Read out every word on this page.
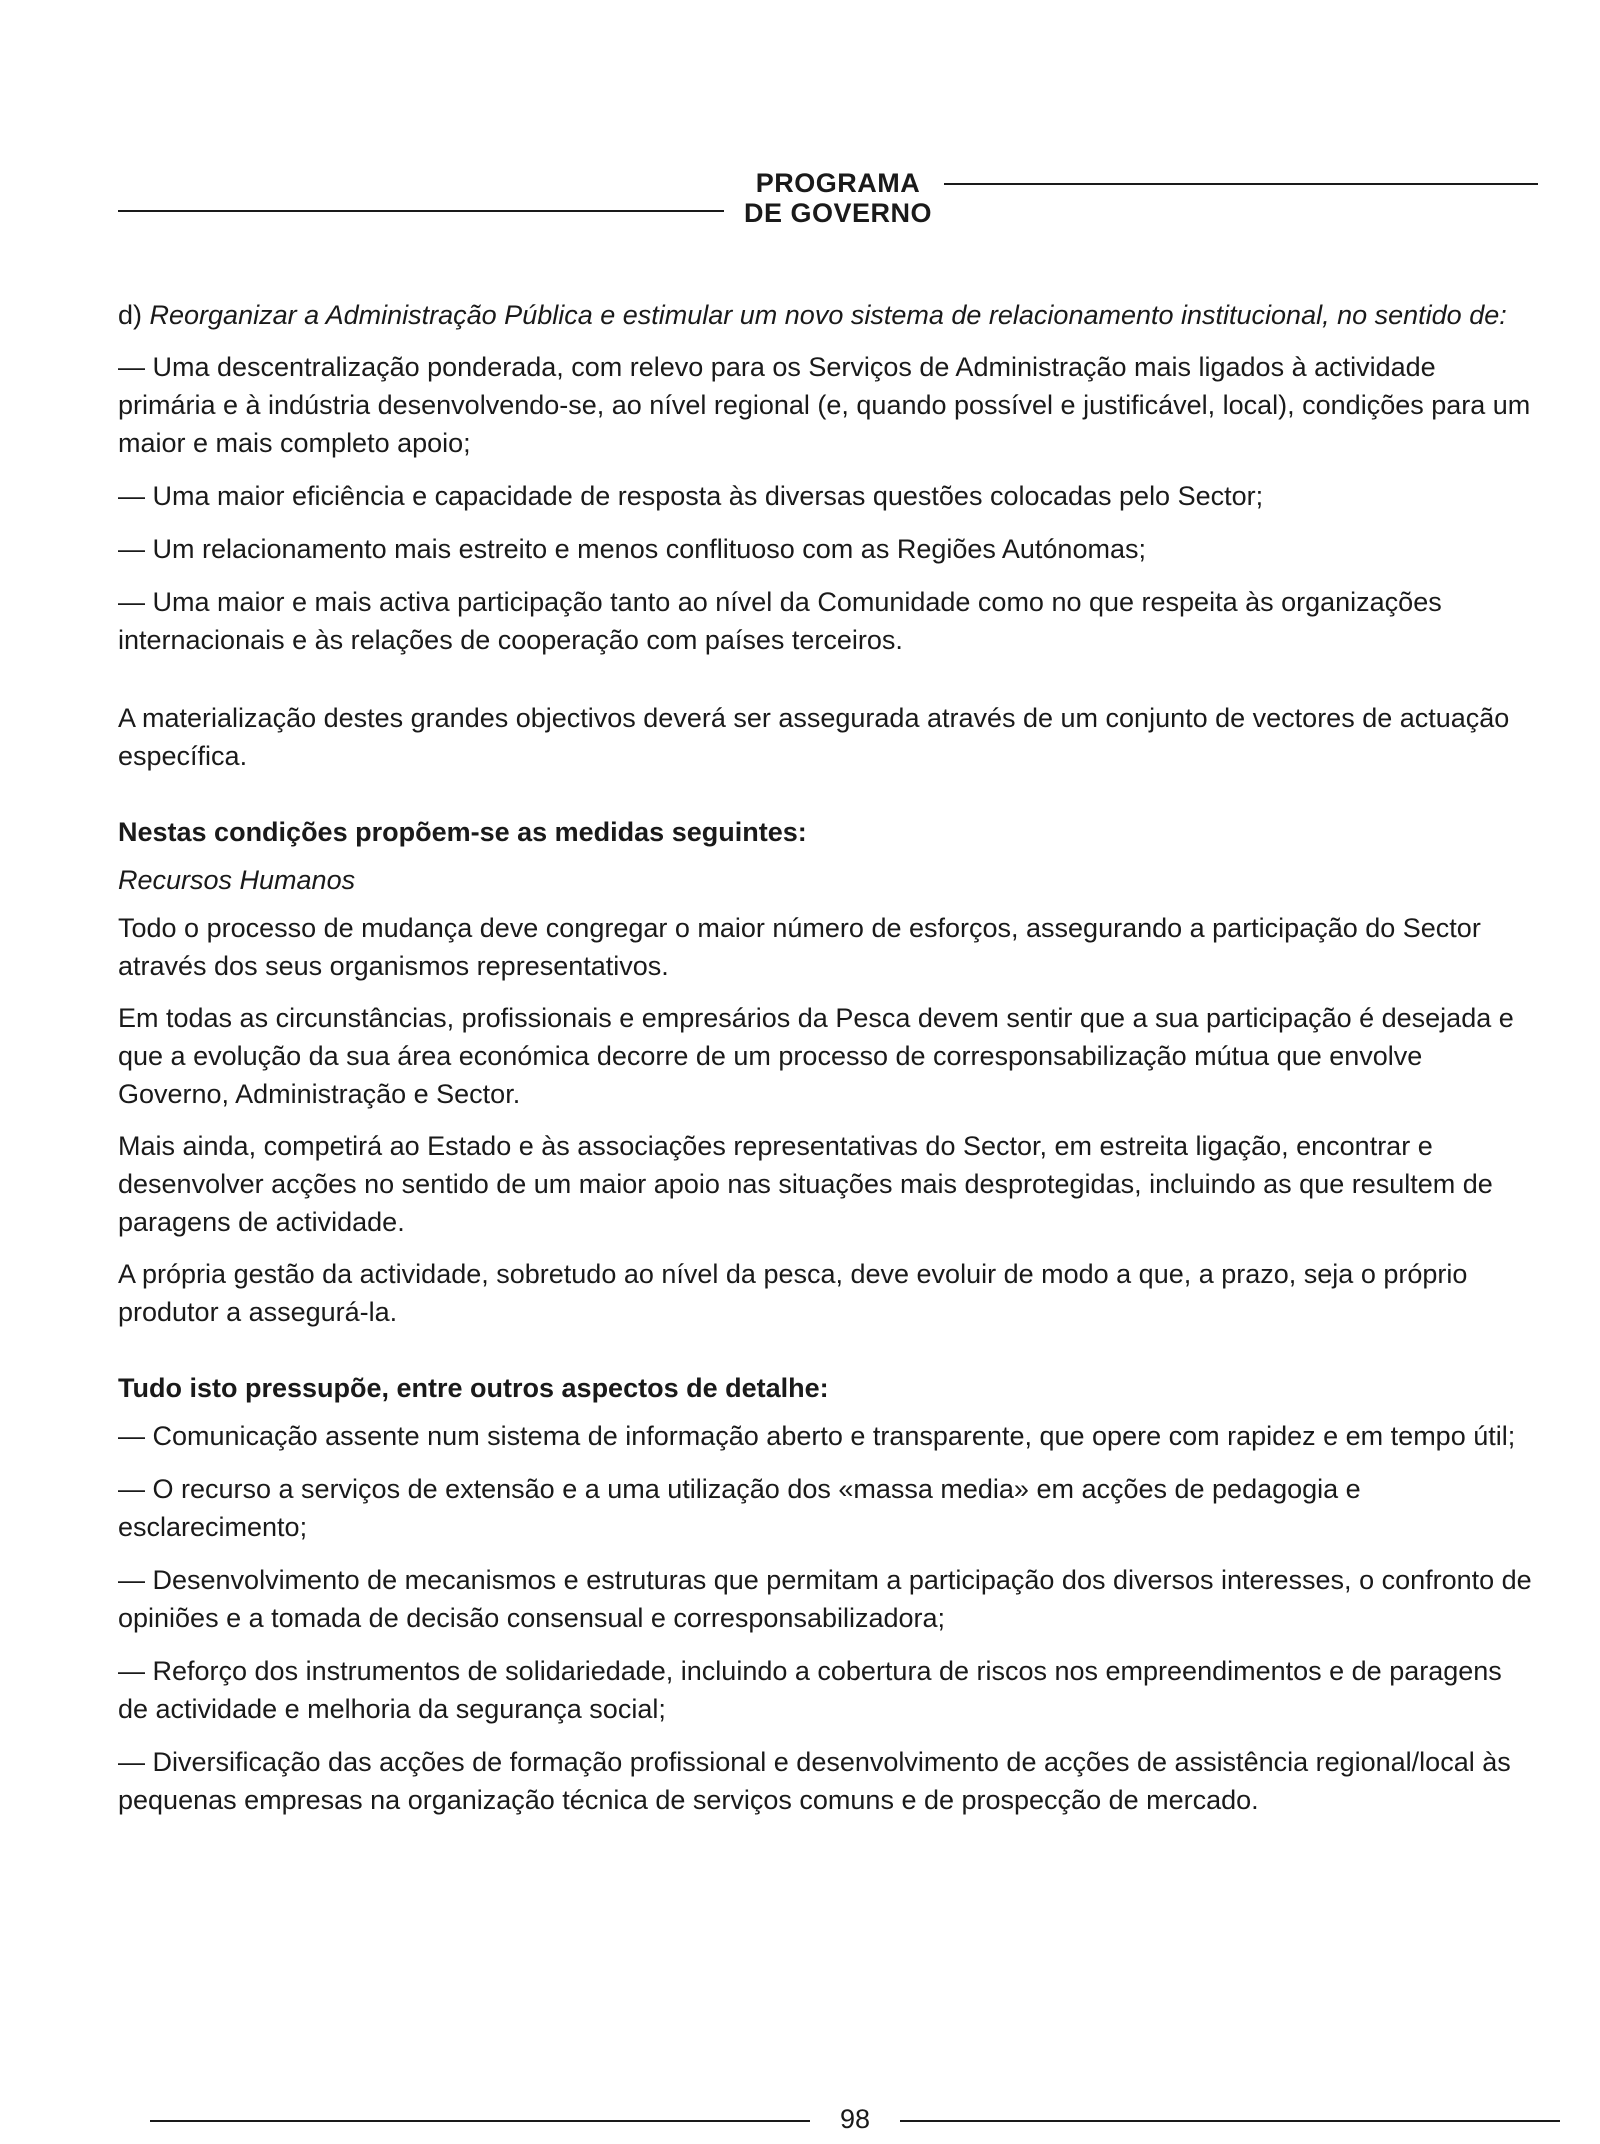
PROGRAMA
DE GOVERNO

d) Reorganizar a Administração Pública e estimular um novo sistema de relacionamento institucional, no sentido de:

— Uma descentralização ponderada, com relevo para os Serviços de Administração mais ligados à actividade primária e à indústria desenvolvendo-se, ao nível regional (e, quando possível e justificável, local), condições para um maior e mais completo apoio;

— Uma maior eficiência e capacidade de resposta às diversas questões colocadas pelo Sector;

— Um relacionamento mais estreito e menos conflituoso com as Regiões Autónomas;

— Uma maior e mais activa participação tanto ao nível da Comunidade como no que respeita às organizações internacionais e às relações de cooperação com países terceiros.

A materialização destes grandes objectivos deverá ser assegurada através de um conjunto de vectores de actuação específica.

Nestas condições propõem-se as medidas seguintes:

Recursos Humanos

Todo o processo de mudança deve congregar o maior número de esforços, assegurando a participação do Sector através dos seus organismos representativos.

Em todas as circunstâncias, profissionais e empresários da Pesca devem sentir que a sua participação é desejada e que a evolução da sua área económica decorre de um processo de corresponsabilização mútua que envolve Governo, Administração e Sector.

Mais ainda, competirá ao Estado e às associações representativas do Sector, em estreita ligação, encontrar e desenvolver acções no sentido de um maior apoio nas situações mais desprotegidas, incluindo as que resultem de paragens de actividade.

A própria gestão da actividade, sobretudo ao nível da pesca, deve evoluir de modo a que, a prazo, seja o próprio produtor a assegurá-la.

Tudo isto pressupõe, entre outros aspectos de detalhe:

— Comunicação assente num sistema de informação aberto e transparente, que opere com rapidez e em tempo útil;

— O recurso a serviços de extensão e a uma utilização dos «massa media» em acções de pedagogia e esclarecimento;

— Desenvolvimento de mecanismos e estruturas que permitam a participação dos diversos interesses, o confronto de opiniões e a tomada de decisão consensual e corresponsabilizadora;

— Reforço dos instrumentos de solidariedade, incluindo a cobertura de riscos nos empreendimentos e de paragens de actividade e melhoria da segurança social;

— Diversificação das acções de formação profissional e desenvolvimento de acções de assistência regional/local às pequenas empresas na organização técnica de serviços comuns e de prospecção de mercado.

98
